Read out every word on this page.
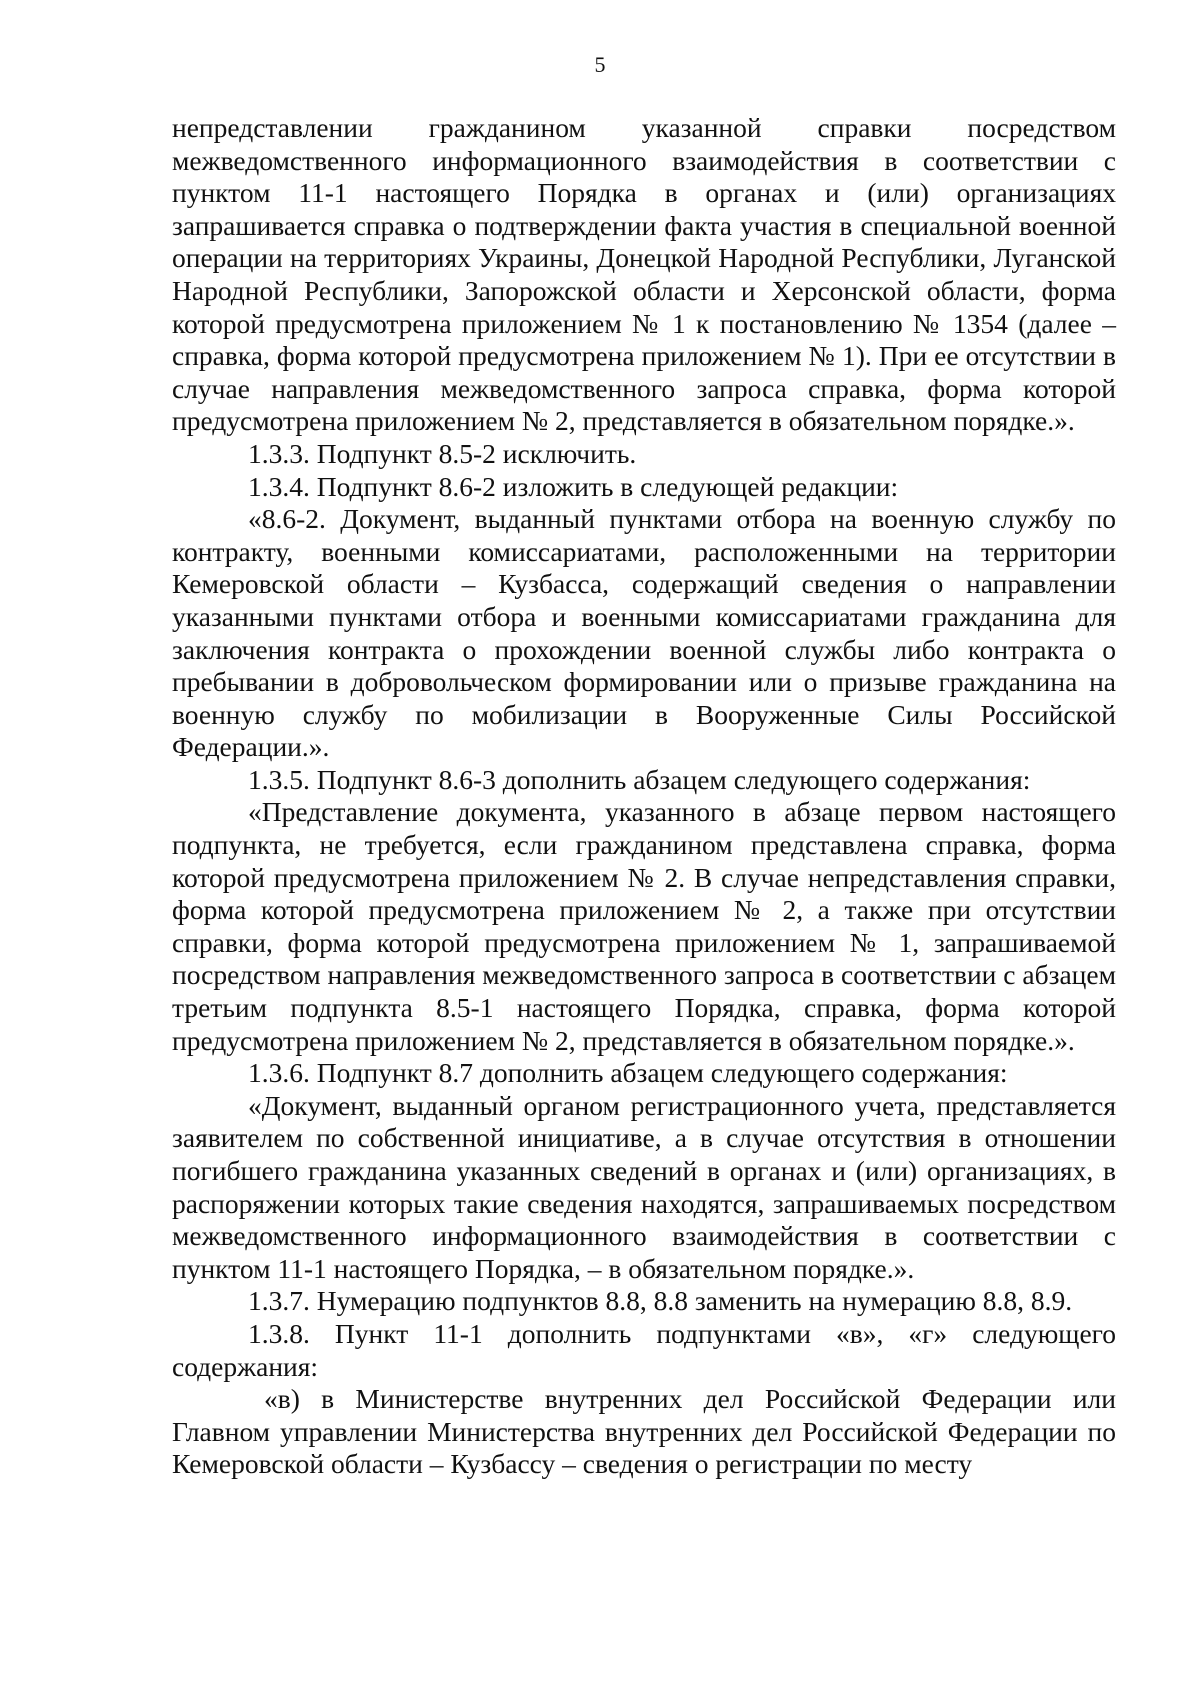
5

непредставлении гражданином указанной справки посредством межведомственного информационного взаимодействия в соответствии с пунктом 11-1 настоящего Порядка в органах и (или) организациях запрашивается справка о подтверждении факта участия в специальной военной операции на территориях Украины, Донецкой Народной Республики, Луганской Народной Республики, Запорожской области и Херсонской области, форма которой предусмотрена приложением № 1 к постановлению № 1354 (далее – справка, форма которой предусмотрена приложением № 1). При ее отсутствии в случае направления межведомственного запроса справка, форма которой предусмотрена приложением № 2, представляется в обязательном порядке.».

1.3.3. Подпункт 8.5-2 исключить.

1.3.4. Подпункт 8.6-2 изложить в следующей редакции:

«8.6-2. Документ, выданный пунктами отбора на военную службу по контракту, военными комиссариатами, расположенными на территории Кемеровской области – Кузбасса, содержащий сведения о направлении указанными пунктами отбора и военными комиссариатами гражданина для заключения контракта о прохождении военной службы либо контракта о пребывании в добровольческом формировании или о призыве гражданина на военную службу по мобилизации в Вооруженные Силы Российской Федерации.».

1.3.5. Подпункт 8.6-3 дополнить абзацем следующего содержания:

«Представление документа, указанного в абзаце первом настоящего подпункта, не требуется, если гражданином представлена справка, форма которой предусмотрена приложением № 2. В случае непредставления справки, форма которой предусмотрена приложением № 2, а также при отсутствии справки, форма которой предусмотрена приложением № 1, запрашиваемой посредством направления межведомственного запроса в соответствии с абзацем третьим подпункта 8.5-1 настоящего Порядка, справка, форма которой предусмотрена приложением № 2, представляется в обязательном порядке.».

1.3.6. Подпункт 8.7 дополнить абзацем следующего содержания:

«Документ, выданный органом регистрационного учета, представляется заявителем по собственной инициативе, а в случае отсутствия в отношении погибшего гражданина указанных сведений в органах и (или) организациях, в распоряжении которых такие сведения находятся, запрашиваемых посредством межведомственного информационного взаимодействия в соответствии с пунктом 11-1 настоящего Порядка, – в обязательном порядке.».

1.3.7. Нумерацию подпунктов 8.8, 8.8 заменить на нумерацию 8.8, 8.9.

1.3.8. Пункт 11-1 дополнить подпунктами «в», «г» следующего содержания:

«в) в Министерстве внутренних дел Российской Федерации или Главном управлении Министерства внутренних дел Российской Федерации по Кемеровской области – Кузбассу – сведения о регистрации по месту
